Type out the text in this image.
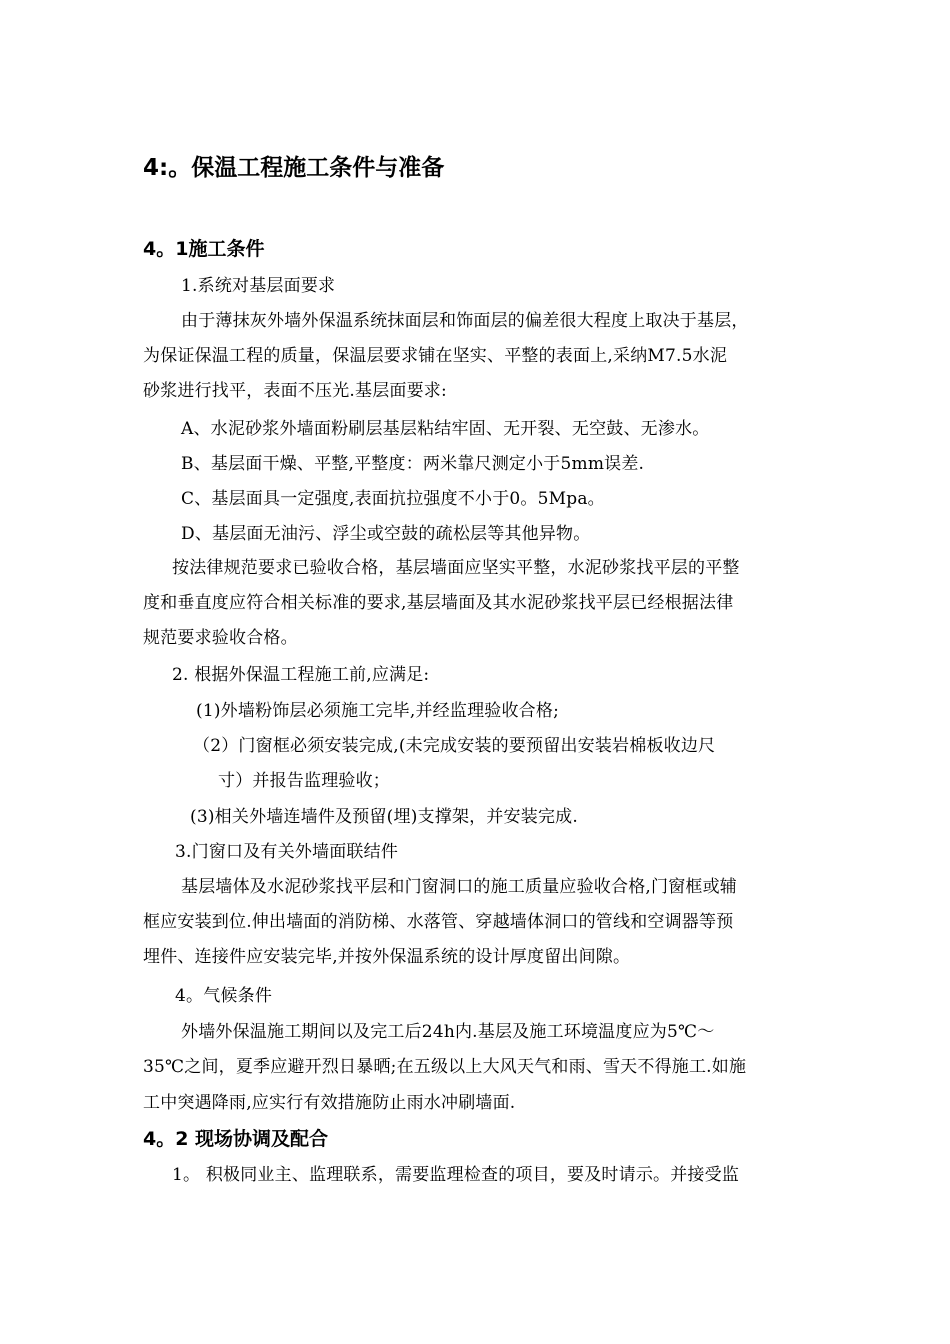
4:。保温工程施工条件与准备
4。1施工条件

1.系统对基层面要求

由于薄抹灰外墙外保温系统抹面层和饰面层的偏差很大程度上取决于基层，

为保证保温工程的质量，保温层要求铺在坚实、平整的表面上,采纳M7.5水泥

砂浆进行找平，表面不压光.基层面要求:

A、水泥砂浆外墙面粉刷层基层粘结牢固、无开裂、无空鼓、无渗水。

B、基层面干燥、平整,平整度：两米靠尺测定小于5mm误差.

C、基层面具一定强度,表面抗拉强度不小于0。5Mpa。

D、基层面无油污、浮尘或空鼓的疏松层等其他异物。

按法律规范要求已验收合格，基层墙面应坚实平整，水泥砂浆找平层的平整

度和垂直度应符合相关标准的要求,基层墙面及其水泥砂浆找平层已经根据法律

规范要求验收合格。

2. 根据外保温工程施工前,应满足:

(1)外墙粉饰层必须施工完毕,并经监理验收合格;

（2）门窗框必须安装完成,(未完成安装的要预留出安装岩棉板收边尺

寸）并报告监理验收；

(3)相关外墙连墙件及预留(埋)支撑架，并安装完成.

3.门窗口及有关外墙面联结件

基层墙体及水泥砂浆找平层和门窗洞口的施工质量应验收合格,门窗框或辅

框应安装到位.伸出墙面的消防梯、水落管、穿越墙体洞口的管线和空调器等预

埋件、连接件应安装完毕,并按外保温系统的设计厚度留出间隙。

4。气候条件

外墙外保温施工期间以及完工后24h内.基层及施工环境温度应为5℃～

35℃之间，夏季应避开烈日暴晒;在五级以上大风天气和雨、雪天不得施工.如施

工中突遇降雨,应实行有效措施防止雨水冲刷墙面.

4。2 现场协调及配合

1。 积极同业主、监理联系，需要监理检查的项目，要及时请示。并接受监
